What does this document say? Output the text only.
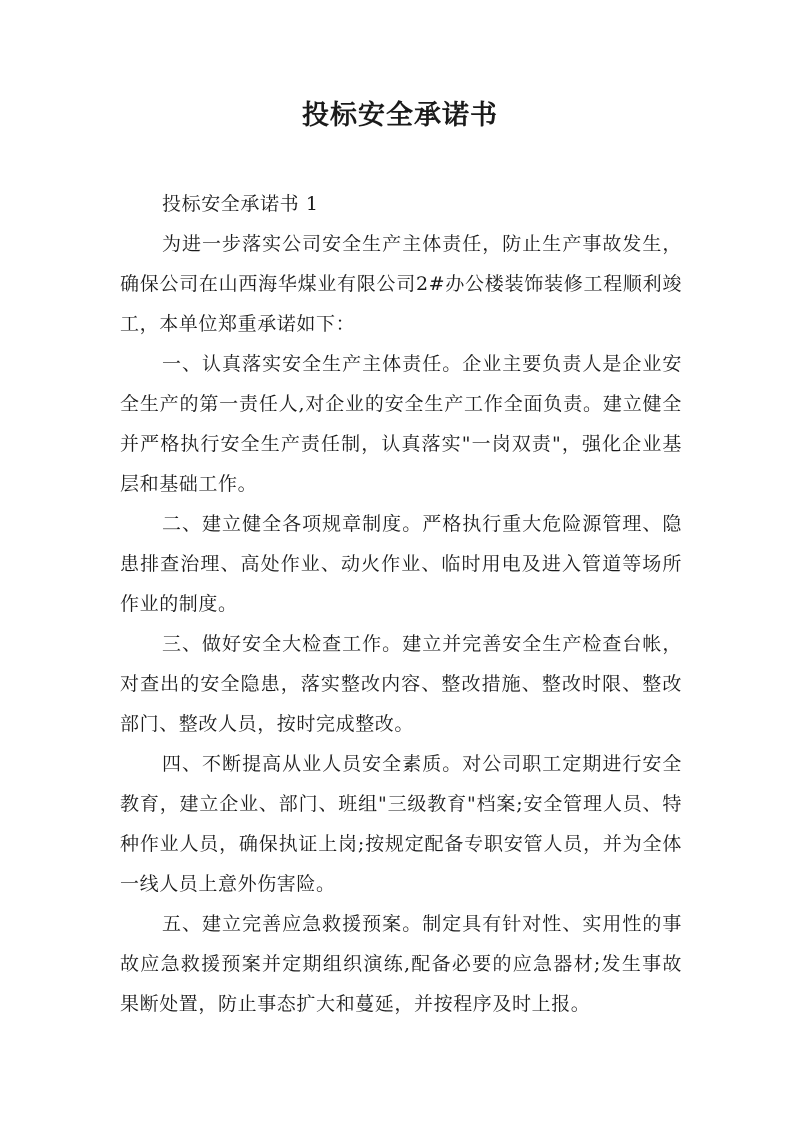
投标安全承诺书

投标安全承诺书 1

为进一步落实公司安全生产主体责任，防止生产事故发生，确保公司在山西海华煤业有限公司2#办公楼装饰装修工程顺利竣工，本单位郑重承诺如下：

一、认真落实安全生产主体责任。企业主要负责人是企业安全生产的第一责任人,对企业的安全生产工作全面负责。建立健全并严格执行安全生产责任制，认真落实"一岗双责"，强化企业基层和基础工作。

二、建立健全各项规章制度。严格执行重大危险源管理、隐患排查治理、高处作业、动火作业、临时用电及进入管道等场所作业的制度。

三、做好安全大检查工作。建立并完善安全生产检查台帐，对查出的安全隐患，落实整改内容、整改措施、整改时限、整改部门、整改人员，按时完成整改。

四、不断提高从业人员安全素质。对公司职工定期进行安全教育，建立企业、部门、班组"三级教育"档案;安全管理人员、特种作业人员，确保执证上岗;按规定配备专职安管人员，并为全体一线人员上意外伤害险。

五、建立完善应急救援预案。制定具有针对性、实用性的事故应急救援预案并定期组织演练,配备必要的应急器材;发生事故果断处置，防止事态扩大和蔓延，并按程序及时上报。
